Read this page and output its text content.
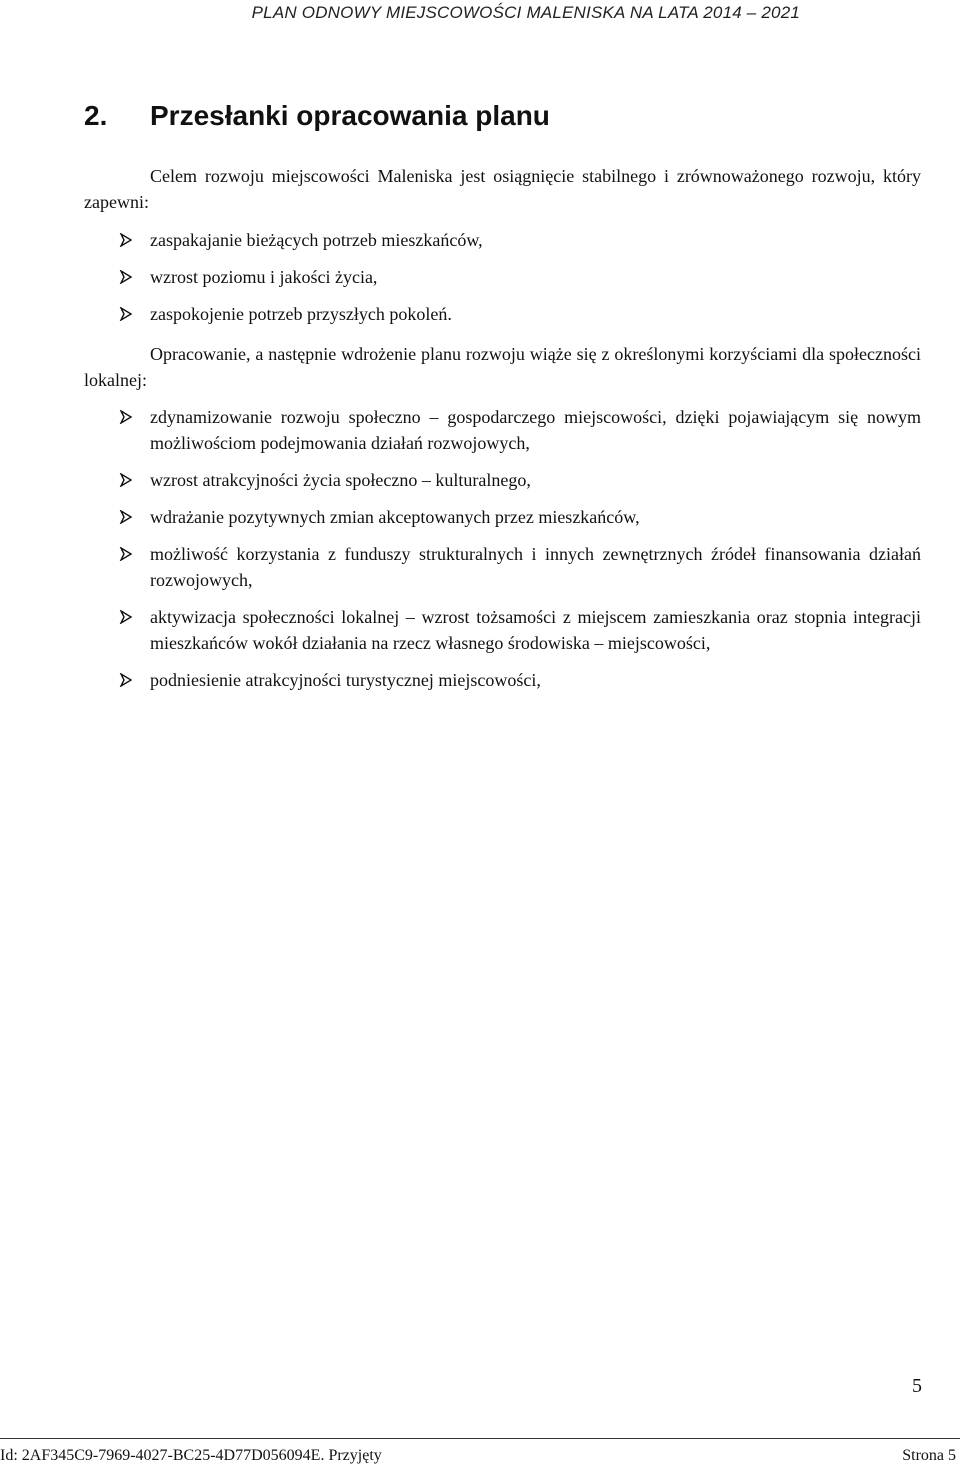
PLAN ODNOWY MIEJSCOWOŚCI MALENISKA NA LATA 2014 – 2021
2. Przesłanki opracowania planu
Celem rozwoju miejscowości Maleniska jest osiągnięcie stabilnego i zrównoważonego rozwoju, który zapewni:
zaspakajanie bieżących potrzeb mieszkańców,
wzrost poziomu i jakości życia,
zaspokojenie potrzeb przyszłych pokoleń.
Opracowanie, a następnie wdrożenie planu rozwoju wiąże się z określonymi korzyściami dla społeczności lokalnej:
zdynamizowanie rozwoju społeczno – gospodarczego miejscowości, dzięki pojawiającym się nowym możliwościom podejmowania działań rozwojowych,
wzrost atrakcyjności życia społeczno – kulturalnego,
wdrażanie pozytywnych zmian akceptowanych przez mieszkańców,
możliwość korzystania z funduszy strukturalnych i innych zewnętrznych źródeł finansowania działań rozwojowych,
aktywizacja społeczności lokalnej – wzrost tożsamości z miejscem zamieszkania oraz stopnia integracji mieszkańców wokół działania na rzecz własnego środowiska – miejscowości,
podniesienie atrakcyjności turystycznej miejscowości,
5
Id: 2AF345C9-7969-4027-BC25-4D77D056094E. Przyjęty	Strona 5
